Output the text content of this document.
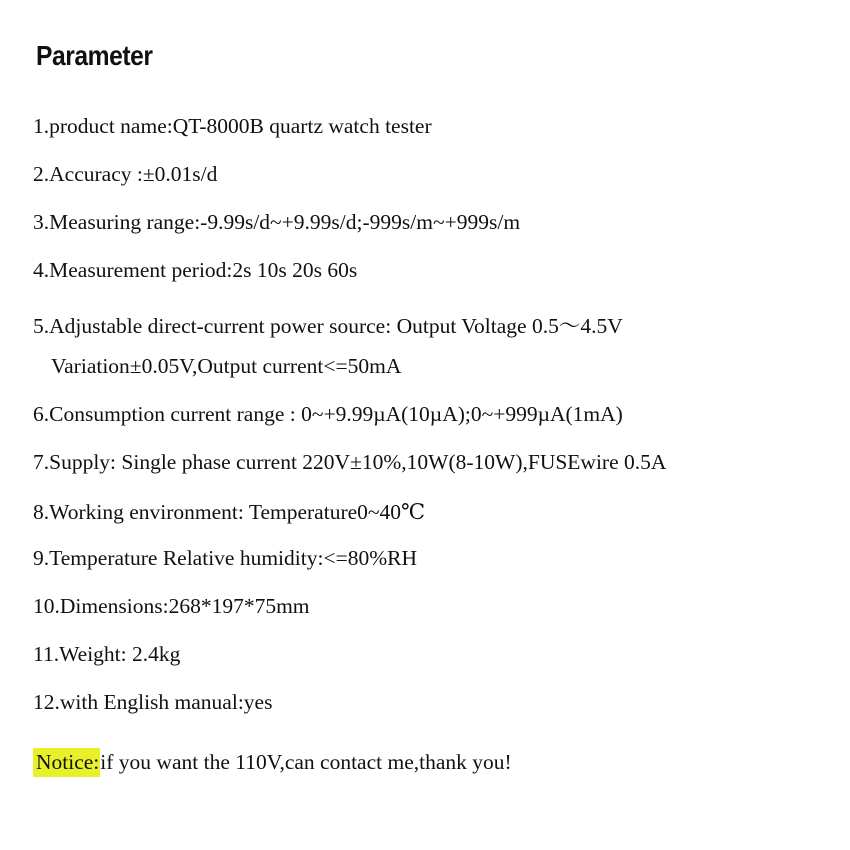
Parameter
1.product name:QT-8000B quartz watch tester
2.Accuracy :±0.01s/d
3.Measuring range:-9.99s/d~+9.99s/d;-999s/m~+999s/m
4.Measurement period:2s 10s 20s 60s
5.Adjustable direct-current power source: Output Voltage 0.5～4.5V
Variation±0.05V,Output current<=50mA
6.Consumption current range : 0~+9.99µA(10µA);0~+999µA(1mA)
7.Supply: Single phase current 220V±10%,10W(8-10W),FUSEwire 0.5A
8.Working environment: Temperature0~40℃
9.Temperature Relative humidity:<=80%RH
10.Dimensions:268*197*75mm
11.Weight: 2.4kg
12.with English manual:yes
Notice:if you want the 110V,can contact me,thank you!
